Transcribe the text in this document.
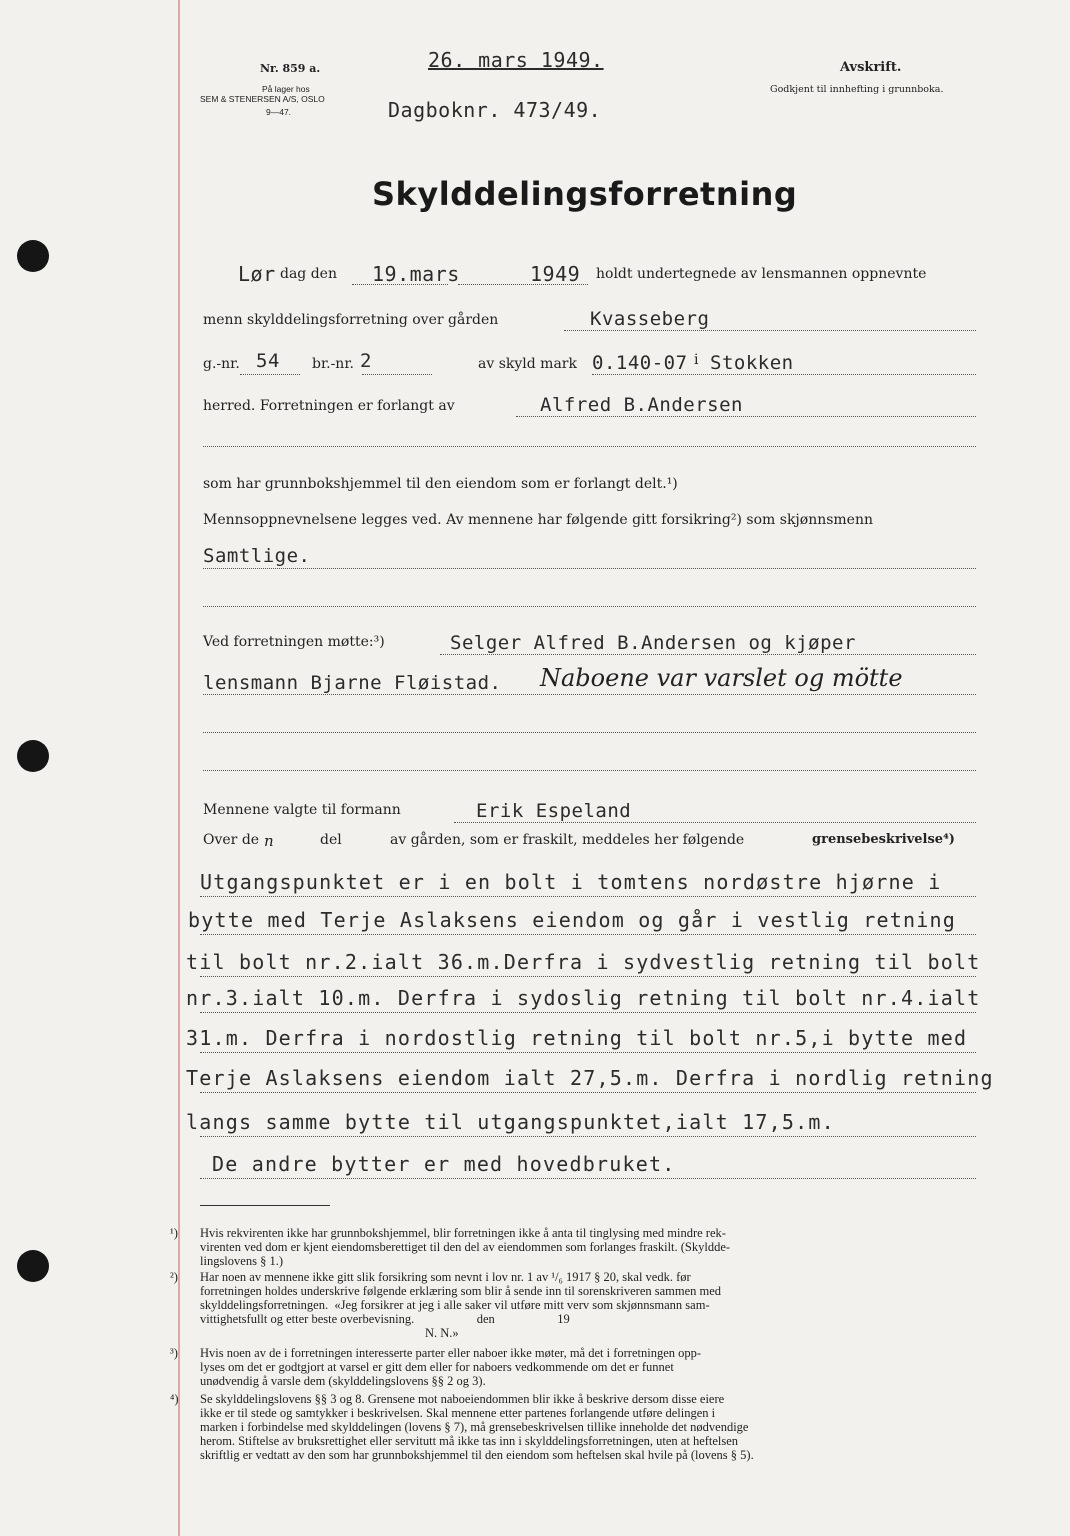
Nr. 859 a.
På lager hos
SEM & STENERSEN A/S, OSLO
9—47.
26. mars 1949.
Dagboknr. 473/49.
Avskrift.
Godkjent til innhefting i grunnboka.
Skylddelingsforretning
Lør dag den 19.mars	1949 holdt undertegnede av lensmannen oppnevnte
menn skylddelingsforretning over gården	Kvasseberg
g.-nr. 54 br.-nr. 2	av skyld mark 0.140-07 i Stokken
herred. Forretningen er forlangt av	Alfred B.Andersen
som har grunnbokshjemmel til den eiendom som er forlangt delt.¹)
Mennsoppnevnelsene legges ved. Av mennene har følgende gitt forsikring²) som skjønnsmenn
Samtlige.
Ved forretningen møtte:³)	Selger Alfred B.Andersen og kjøper
lensmann Bjarne Fløistad. Naboene var varslet og mötte
Mennene valgte til formann	Erik Espeland
Over de n	del	av gården, som er fraskilt, meddeles her følgende	grensebeskrivelse⁴)
Utgangspunktet er i en bolt i tomtens nordøstre hjørne i
bytte med Terje Aslaksens eiendom og går i vestlig retning
til bolt nr.2.ialt 36.m.Derfra i sydvestlig retning til bolt
nr.3.ialt 10.m. Derfra i sydoslig retning til bolt nr.4.ialt
31.m. Derfra i nordostlig retning til bolt nr.5,i bytte med
Terje Aslaksens eiendom ialt 27,5.m. Derfra i nordlig retning
langs samme bytte til utgangspunktet,ialt 17,5.m.
De andre bytter er med hovedbruket.
¹) Hvis rekvirenten ikke har grunnbokshjemmel, blir forretningen ikke å anta til tinglysing med mindre rek-
virenten ved dom er kjent eiendomsberettiget til den del av eiendommen som forlanges fraskilt. (Skyldde-
lingslovens § 1.)
²) Har noen av mennene ikke gitt slik forsikring som nevnt i lov nr. 1 av ¹/₆ 1917 § 20, skal vedk. før
forretningen holdes underskrive følgende erklæring som blir å sende inn til sorenskriveren sammen med
skylddelingsforretningen.  «Jeg forsikrer at jeg i alle saker vil utføre mitt verv som skjønnsmann sam-
vittighetsfullt og etter beste overbevisning.                    den                    19
N. N.»
³) Hvis noen av de i forretningen interesserte parter eller naboer ikke møter, må det i forretningen opp-
lyses om det er godtgjort at varsel er gitt dem eller for naboers vedkommende om det er funnet
unødvendig å varsle dem (skylddelingslovens §§ 2 og 3).
⁴) Se skylddelingslovens §§ 3 og 8. Grensene mot naboeiendommen blir ikke å beskrive dersom disse eiere
ikke er til stede og samtykker i beskrivelsen. Skal mennene etter partenes forlangende utføre delingen i
marken i forbindelse med skylddelingen (lovens § 7), må grensebeskrivelsen tillike inneholde det nødvendige
herom. Stiftelse av bruksrettighet eller servitutt må ikke tas inn i skylddelingsforretningen, uten at heftelsen
skriftlig er vedtatt av den som har grunnbokshjemmel til den eiendom som heftelsen skal hvile på (lovens § 5).
